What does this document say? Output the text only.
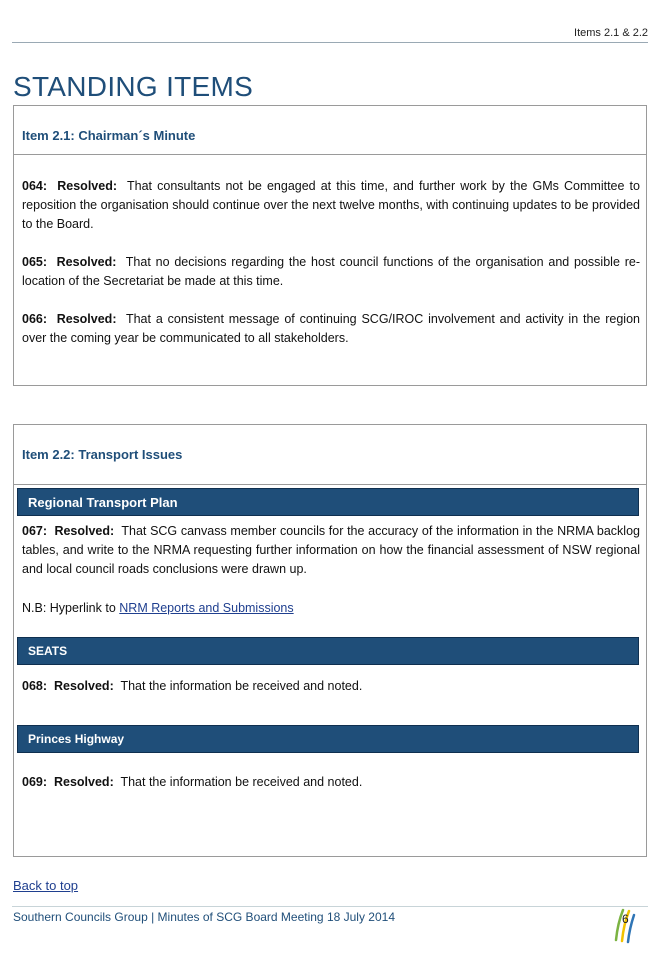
Items 2.1 & 2.2
STANDING ITEMS
Item 2.1: Chairman´s Minute

064: Resolved: That consultants not be engaged at this time, and further work by the GMs Committee to reposition the organisation should continue over the next twelve months, with continuing updates to be provided to the Board.

065: Resolved: That no decisions regarding the host council functions of the organisation and possible re-location of the Secretariat be made at this time.

066: Resolved: That a consistent message of continuing SCG/IROC involvement and activity in the region over the coming year be communicated to all stakeholders.

Item 2.2: Transport Issues
Regional Transport Plan

067: Resolved: That SCG canvass member councils for the accuracy of the information in the NRMA backlog tables, and write to the NRMA requesting further information on how the financial assessment of NSW regional and local council roads conclusions were drawn up.

N.B: Hyperlink to NRM Reports and Submissions

SEATS

068: Resolved: That the information be received and noted.

Princes Highway

069: Resolved: That the information be received and noted.

Back to top
Southern Councils Group | Minutes of SCG Board Meeting 18 July 2014	6
